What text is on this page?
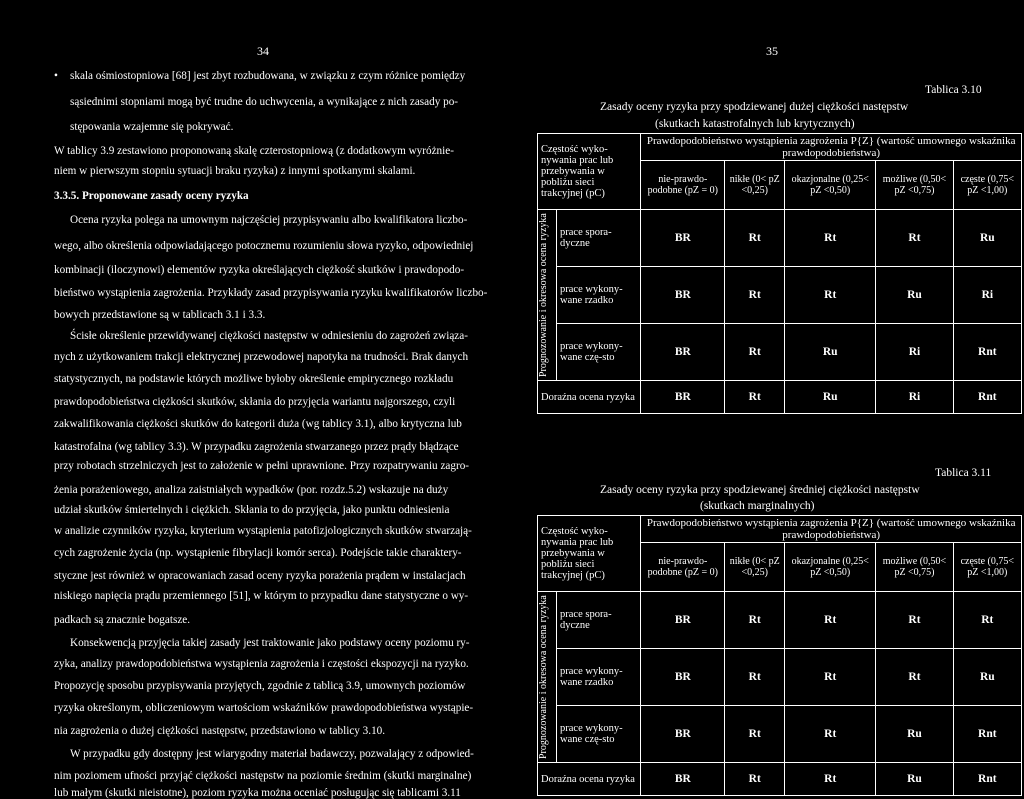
34	35
• skala ośmiostopniowa [68] jest zbyt rozbudowana, w związku z czym różnice pomiędzy
sąsiednimi stopniami mogą być trudne do uchwycenia, a wynikające z nich zasady po-
stępowania wzajemne się pokrywać.
W tablicy 3.9 zestawiono proponowaną skalę czterostopniową (z dodatkowym wyróżnie-
niem w pierwszym stopniu sytuacji braku ryzyka) z innymi spotkanymi skalami.
3.3.5. Proponowane zasady oceny ryzyka
Ocena ryzyka polega na umownym najczęściej przypisywaniu albo kwalifikatora liczbo-
wego, albo określenia odpowiadającego potocznemu rozumieniu słowa ryzyko, odpowiedniej
kombinacji (iloczynowi) elementów ryzyka określających ciężkość skutków i prawdopodo-
bieństwo wystąpienia zagrożenia. Przykłady zasad przypisywania ryzyku kwalifikatorów liczbo-
bowych przedstawione są w tablicach 3.1 i 3.3.
Ścisłe określenie przewidywanej ciężkości następstw w odniesieniu do zagrożeń związa-
nych z użytkowaniem trakcji elektrycznej przewodowej napotyka na trudności. Brak danych
statystycznych, na podstawie których możliwe byłoby określenie empirycznego rozkładu
prawdopodobieństwa ciężkości skutków, skłania do przyjęcia wariantu najgorszego, czyli
zakwalifikowania ciężkości skutków do kategorii duża (wg tablicy 3.1), albo krytyczna lub
katastrofalna (wg tablicy 3.3). W przypadku zagrożenia stwarzanego przez prądy błądzące
przy robotach strzelniczych jest to założenie w pełni uprawnione. Przy rozpatrywaniu zagro-
żenia porażeniowego, analiza zaistniałych wypadków (por. rozdz.5.2) wskazuje na duży
udział skutków śmiertelnych i ciężkich. Skłania to do przyjęcia, jako punktu odniesienia
w analizie czynników ryzyka, kryterium wystąpienia patofizjologicznych skutków stwarzają-
cych zagrożenie życia (np. wystąpienie fibrylacji komór serca). Podejście takie charaktery-
styczne jest również w opracowaniach zasad oceny ryzyka porażenia prądem w instalacjach
niskiego napięcia prądu przemiennego [51], w którym to przypadku dane statystyczne o wy-
padkach są znacznie bogatsze.
Konsekwencją przyjęcia takiej zasady jest traktowanie jako podstawy oceny poziomu ry-
zyka, analizy prawdopodobieństwa wystąpienia zagrożenia i częstości ekspozycji na ryzyko.
Propozycję sposobu przypisywania przyjętych, zgodnie z tablicą 3.9, umownych poziomów
ryzyka określonym, obliczeniowym wartościom wskaźników prawdopodobieństwa wystąpie-
nia zagrożenia o dużej ciężkości następstw, przedstawiono w tablicy 3.10.
W przypadku gdy dostępny jest wiarygodny materiał badawczy, pozwalający z odpowied-
nim poziomem ufności przyjąć ciężkości następstw na poziomie średnim (skutki marginalne)
lub małym (skutki nieistotne), poziom ryzyka można oceniać posługując się tablicami 3.11
Tablica 3.10
Zasady oceny ryzyka przy spodziewanej dużej ciężkości następstw
(skutkach katastrofalnych lub krytycznych)
Częstość wyko-nywania prac lub przebywania w pobliżu sieci trakcyjnej (pC)		Prawdopodobieństwo wystąpienia zagrożenia P{Z} (wartość umownego wskaźnika prawdopodobieństwa)				
		nie-prawdo-podobne (pZ = 0)	nikłe (0< pZ <0,25)	okazjonalne (0,25< pZ <0,50)	możliwe (0,50< pZ <0,75)	częste (0,75< pZ <1,00)

Prognozowanie i okresowa ocena ryzyka	prace spora-dyczne	BR	Rt	Rt	Rt	Ru
	prace wykony-wane rzadko	BR	Rt	Rt	Ru	Ri
	prace wykony-wane czę-sto	BR	Rt	Ru	Ri	Rnt
Doraźna ocena ryzyka		BR	Rt	Ru	Ri	Rnt
Tablica 3.11
Zasady oceny ryzyka przy spodziewanej średniej ciężkości następstw
(skutkach marginalnych)
Częstość wyko-nywania prac lub przebywania w pobliżu sieci trakcyjnej (pC)		Prawdopodobieństwo wystąpienia zagrożenia P{Z} (wartość umownego wskaźnika prawdopodobieństwa)				
		nie-prawdo-podobne (pZ = 0)	nikłe (0< pZ <0,25)	okazjonalne (0,25< pZ <0,50)	możliwe (0,50< pZ <0,75)	częste (0,75< pZ <1,00)

Prognozowanie i okresowa ocena ryzyka	prace spora-dyczne	BR	Rt	Rt	Rt	Rt
	prace wykony-wane rzadko	BR	Rt	Rt	Rt	Ru
	prace wykony-wane czę-sto	BR	Rt	Rt	Ru	Rnt
Doraźna ocena ryzyka		BR	Rt	Rt	Ru	Rnt
